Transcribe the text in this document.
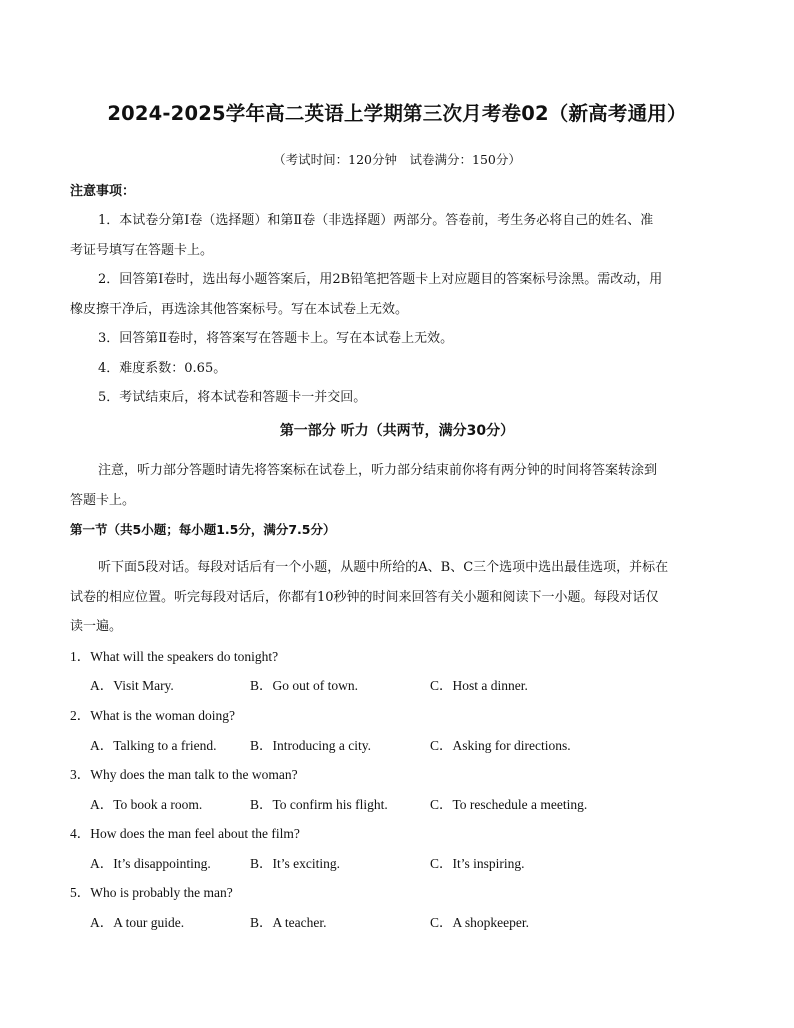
2024-2025学年高二英语上学期第三次月考卷02（新高考通用）
（考试时间：120分钟　试卷满分：150分）
注意事项：
1．本试卷分第Ⅰ卷（选择题）和第Ⅱ卷（非选择题）两部分。答卷前，考生务必将自己的姓名、准
考证号填写在答题卡上。
2．回答第Ⅰ卷时，选出每小题答案后，用2B铅笔把答题卡上对应题目的答案标号涂黑。需改动，用
橡皮擦干净后，再选涂其他答案标号。写在本试卷上无效。
3．回答第Ⅱ卷时，将答案写在答题卡上。写在本试卷上无效。
4．难度系数：0.65。
5．考试结束后，将本试卷和答题卡一并交回。
第一部分 听力（共两节，满分30分）
注意，听力部分答题时请先将答案标在试卷上，听力部分结束前你将有两分钟的时间将答案转涂到
答题卡上。
第一节（共5小题；每小题1.5分，满分7.5分）
听下面5段对话。每段对话后有一个小题，从题中所给的A、B、C三个选项中选出最佳选项，并标在
试卷的相应位置。听完每段对话后，你都有10秒钟的时间来回答有关小题和阅读下一小题。每段对话仅
读一遍。
1．What will the speakers do tonight?
A．Visit Mary.	B．Go out of town.	C．Host a dinner.
2．What is the woman doing?
A．Talking to a friend. B．Introducing a city.	C．Asking for directions.
3．Why does the man talk to the woman?
A．To book a room.	B．To confirm his flight.	C．To reschedule a meeting.
4．How does the man feel about the film?
A．It’s disappointing.	B．It’s exciting.	C．It’s inspiring.
5．Who is probably the man?
A．A tour guide.	B．A teacher.	C．A shopkeeper.
